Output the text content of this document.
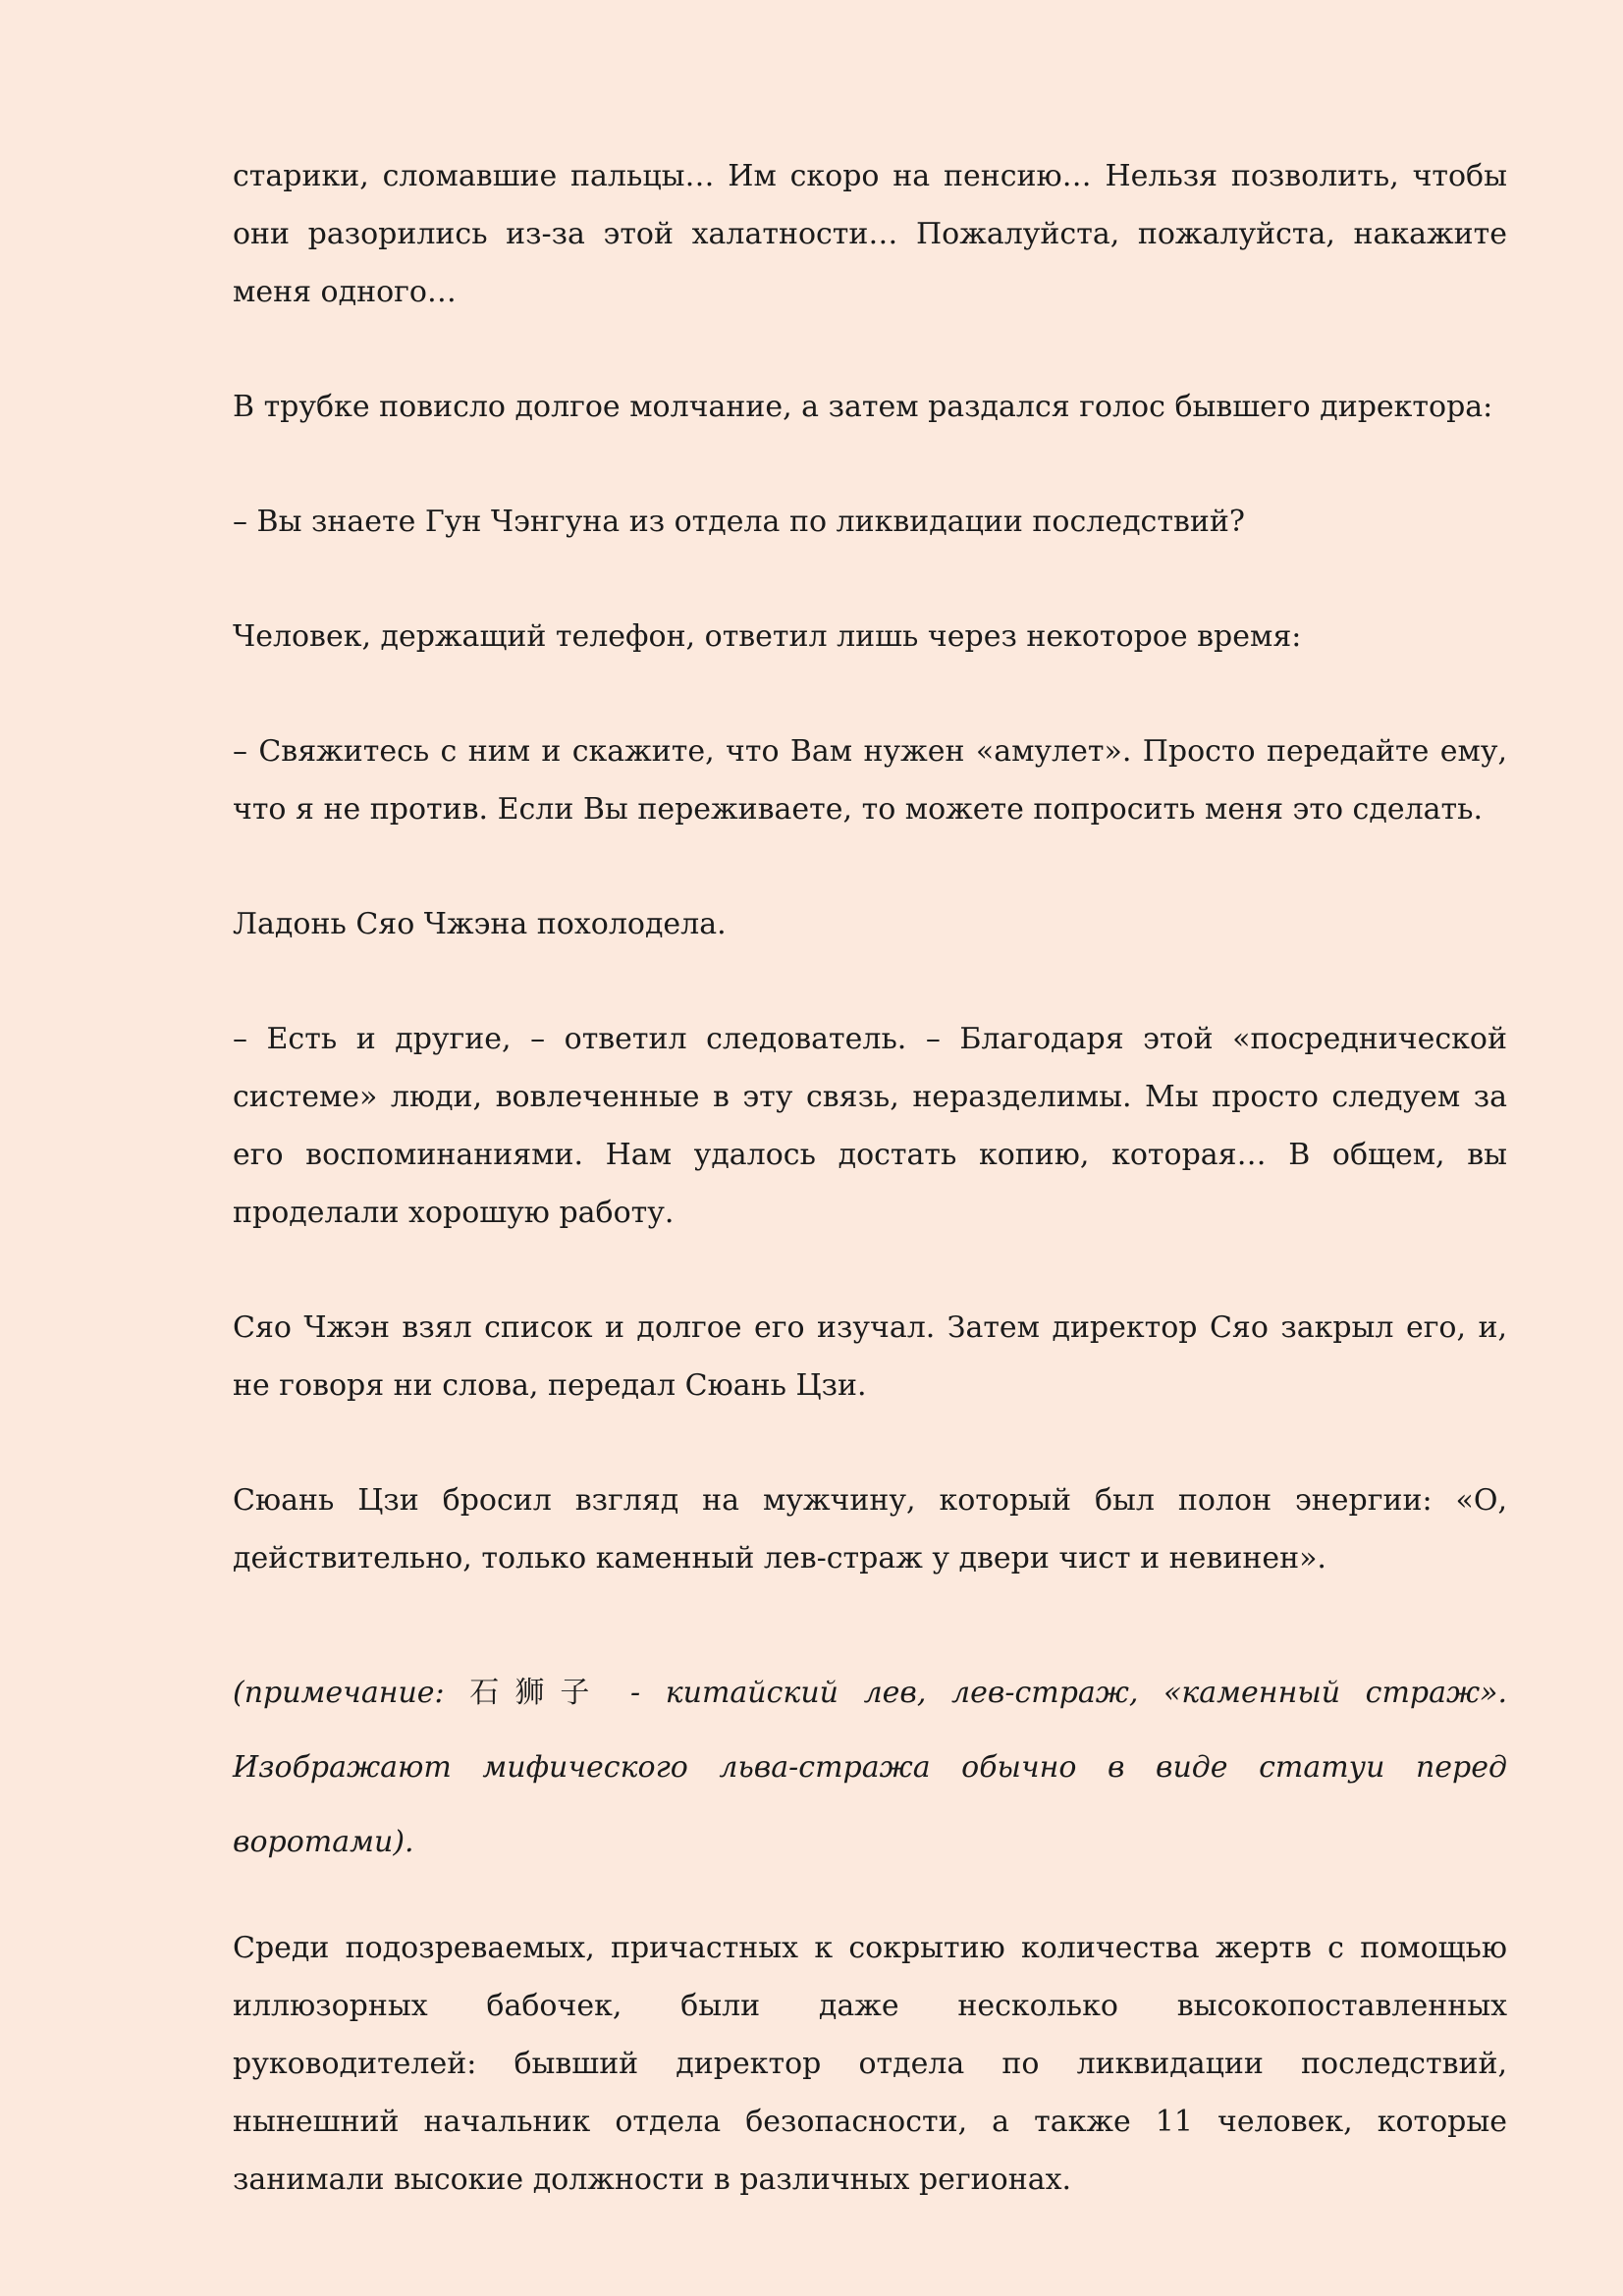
старики, сломавшие пальцы… Им скоро на пенсию… Нельзя позволить, чтобы они разорились из-за этой халатности… Пожалуйста, пожалуйста, накажите меня одного…

В трубке повисло долгое молчание, а затем раздался голос бывшего директора:

– Вы знаете Гун Чэнгуна из отдела по ликвидации последствий?

Человек, держащий телефон, ответил лишь через некоторое время:

– Свяжитесь с ним и скажите, что Вам нужен «амулет». Просто передайте ему, что я не против. Если Вы переживаете, то можете попросить меня это сделать.

Ладонь Сяо Чжэна похолодела.

– Есть и другие, – ответил следователь. – Благодаря этой «посреднической системе» люди, вовлеченные в эту связь, неразделимы. Мы просто следуем за его воспоминаниями. Нам удалось достать копию, которая… В общем, вы проделали хорошую работу.

Сяо Чжэн взял список и долгое его изучал. Затем директор Сяо закрыл его, и, не говоря ни слова, передал Сюань Цзи.

Сюань Цзи бросил взгляд на мужчину, который был полон энергии: «О, действительно, только каменный лев-страж у двери чист и невинен».

(примечание: 石狮子 - китайский лев, лев-страж, «каменный страж». Изображают мифического льва-стража обычно в виде статуи перед воротами).

Среди подозреваемых, причастных к сокрытию количества жертв с помощью иллюзорных бабочек, были даже несколько высокопоставленных руководителей: бывший директор отдела по ликвидации последствий, нынешний начальник отдела безопасности, а также 11 человек, которые занимали высокие должности в различных регионах.
